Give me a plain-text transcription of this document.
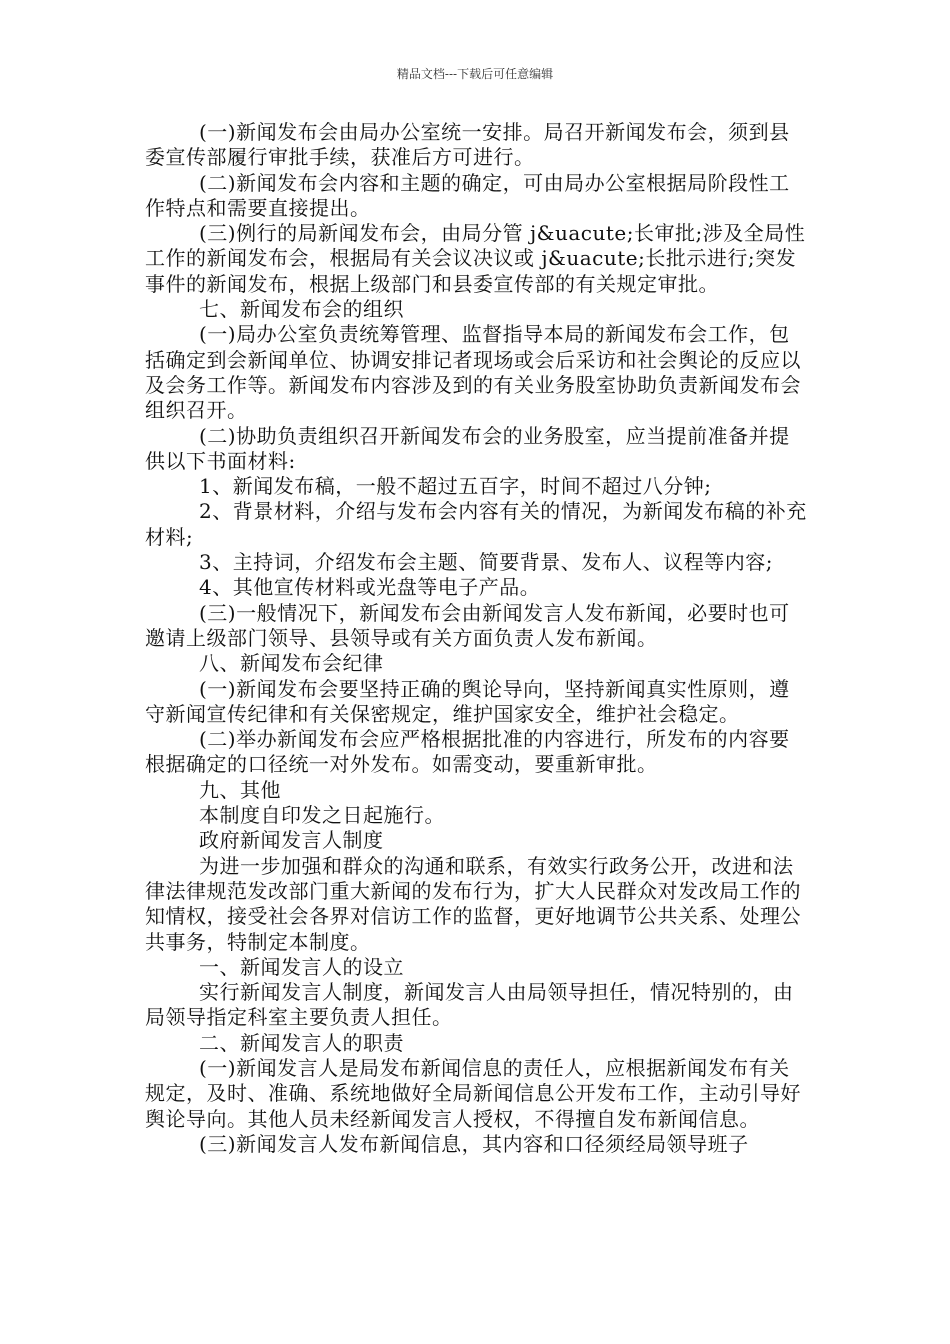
精品文档---下载后可任意编辑

(一)新闻发布会由局办公室统一安排。局召开新闻发布会，须到县委宣传部履行审批手续，获准后方可进行。

(二)新闻发布会内容和主题的确定，可由局办公室根据局阶段性工作特点和需要直接提出。

(三)例行的局新闻发布会，由局分管 j&uacute;长审批;涉及全局性工作的新闻发布会，根据局有关会议决议或 j&uacute;长批示进行;突发事件的新闻发布，根据上级部门和县委宣传部的有关规定审批。

七、新闻发布会的组织

(一)局办公室负责统筹管理、监督指导本局的新闻发布会工作，包括确定到会新闻单位、协调安排记者现场或会后采访和社会舆论的反应以及会务工作等。新闻发布内容涉及到的有关业务股室协助负责新闻发布会组织召开。

(二)协助负责组织召开新闻发布会的业务股室，应当提前准备并提供以下书面材料:

1、新闻发布稿，一般不超过五百字，时间不超过八分钟;

2、背景材料，介绍与发布会内容有关的情况，为新闻发布稿的补充材料;

3、主持词，介绍发布会主题、简要背景、发布人、议程等内容;

4、其他宣传材料或光盘等电子产品。

(三)一般情况下，新闻发布会由新闻发言人发布新闻，必要时也可邀请上级部门领导、县领导或有关方面负责人发布新闻。

八、新闻发布会纪律

(一)新闻发布会要坚持正确的舆论导向，坚持新闻真实性原则，遵守新闻宣传纪律和有关保密规定，维护国家安全，维护社会稳定。

(二)举办新闻发布会应严格根据批准的内容进行，所发布的内容要根据确定的口径统一对外发布。如需变动，要重新审批。

九、其他

本制度自印发之日起施行。

政府新闻发言人制度

为进一步加强和群众的沟通和联系，有效实行政务公开，改进和法律法律规范发改部门重大新闻的发布行为，扩大人民群众对发改局工作的知情权，接受社会各界对信访工作的监督，更好地调节公共关系、处理公共事务，特制定本制度。

一、新闻发言人的设立

实行新闻发言人制度，新闻发言人由局领导担任，情况特别的，由局领导指定科室主要负责人担任。

二、新闻发言人的职责

(一)新闻发言人是局发布新闻信息的责任人，应根据新闻发布有关规定，及时、准确、系统地做好全局新闻信息公开发布工作，主动引导好舆论导向。其他人员未经新闻发言人授权，不得擅自发布新闻信息。

(三)新闻发言人发布新闻信息，其内容和口径须经局领导班子
